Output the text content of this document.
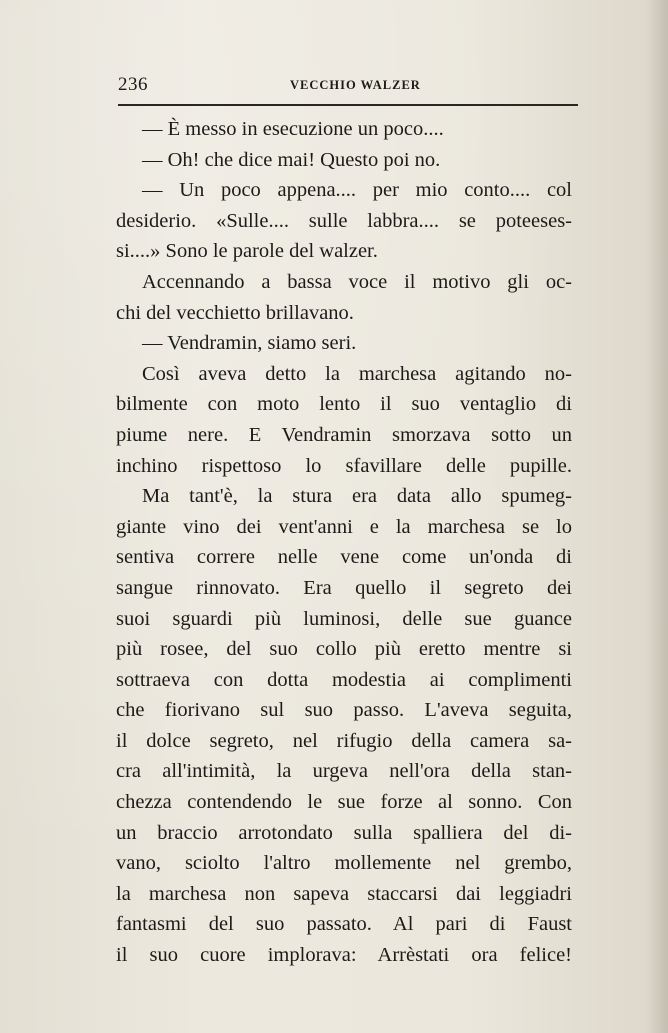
236	VECCHIO WALZER
— È messo in esecuzione un poco....
— Oh! che dice mai! Questo poi no.
— Un poco appena.... per mio conto.... col
desiderio. «Sulle.... sulle labbra.... se poteeses-
si....» Sono le parole del walzer.
Accennando a bassa voce il motivo gli oc-
chi del vecchietto brillavano.
— Vendramin, siamo seri.
Così aveva detto la marchesa agitando no-
bilmente con moto lento il suo ventaglio di
piume nere. E Vendramin smorzava sotto un
inchino rispettoso lo sfavillare delle pupille.
Ma tant'è, la stura era data allo spumeg-
giante vino dei vent'anni e la marchesa se lo
sentiva correre nelle vene come un'onda di
sangue rinnovato. Era quello il segreto dei
suoi sguardi più luminosi, delle sue guance
più rosee, del suo collo più eretto mentre si
sottraeva con dotta modestia ai complimenti
che fiorivano sul suo passo. L'aveva seguita,
il dolce segreto, nel rifugio della camera sa-
cra all'intimità, la urgeva nell'ora della stan-
chezza contendendo le sue forze al sonno. Con
un braccio arrotondato sulla spalliera del di-
vano, sciolto l'altro mollemente nel grembo,
la marchesa non sapeva staccarsi dai leggiadri
fantasmi del suo passato. Al pari di Faust
il suo cuore implorava: Arrèstati ora felice!
